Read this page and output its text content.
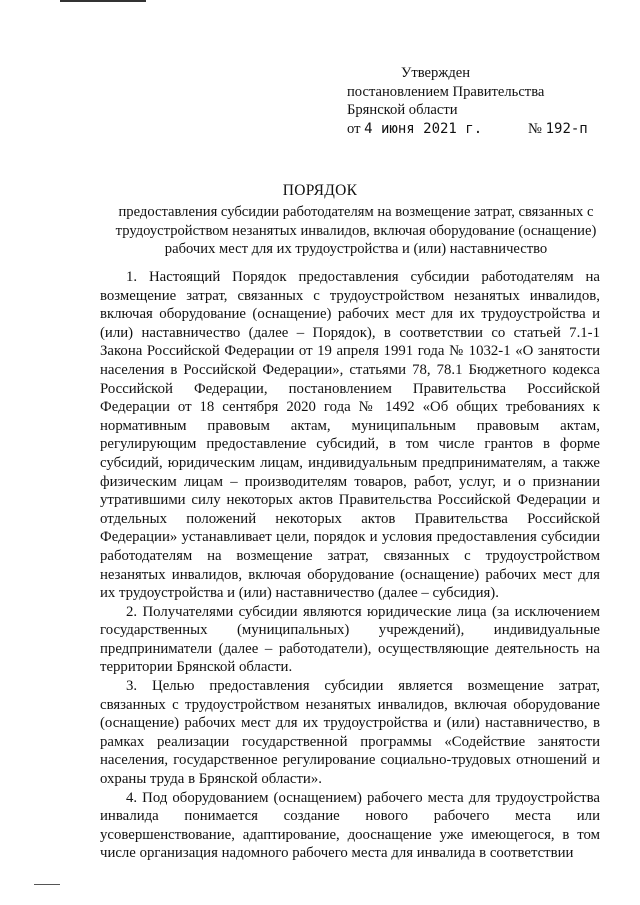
Утвержден
постановлением Правительства
Брянской области
от 4 июня 2021 г.	№ 192-п
ПОРЯДОК
предоставления субсидии работодателям на возмещение затрат, связанных с трудоустройством незанятых инвалидов, включая оборудование (оснащение) рабочих мест для их трудоустройства и (или) наставничество

1. Настоящий Порядок предоставления субсидии работодателям на возмещение затрат, связанных с трудоустройством незанятых инвалидов, включая оборудование (оснащение) рабочих мест для их трудоустройства и (или) наставничество (далее – Порядок), в соответствии со статьей 7.1-1 Закона Российской Федерации от 19 апреля 1991 года № 1032-1 «О занятости населения в Российской Федерации», статьями 78, 78.1 Бюджетного кодекса Российской Федерации, постановлением Правительства Российской Федерации от 18 сентября 2020 года № 1492 «Об общих требованиях к нормативным правовым актам, муниципальным правовым актам, регулирующим предоставление субсидий, в том числе грантов в форме субсидий, юридическим лицам, индивидуальным предпринимателям, а также физическим лицам – производителям товаров, работ, услуг, и о признании утратившими силу некоторых актов Правительства Российской Федерации и отдельных положений некоторых актов Правительства Российской Федерации» устанавливает цели, порядок и условия предоставления субсидии работодателям на возмещение затрат, связанных с трудоустройством незанятых инвалидов, включая оборудование (оснащение) рабочих мест для их трудоустройства и (или) наставничество (далее – субсидия).

2. Получателями субсидии являются юридические лица (за исключением государственных (муниципальных) учреждений), индивидуальные предприниматели (далее – работодатели), осуществляющие деятельность на территории Брянской области.

3. Целью предоставления субсидии является возмещение затрат, связанных с трудоустройством незанятых инвалидов, включая оборудование (оснащение) рабочих мест для их трудоустройства и (или) наставничество, в рамках реализации государственной программы «Содействие занятости населения, государственное регулирование социально-трудовых отношений и охраны труда в Брянской области».

4. Под оборудованием (оснащением) рабочего места для трудоустройства инвалида понимается создание нового рабочего места или усовершенствование, адаптирование, дооснащение уже имеющегося, в том числе организация надомного рабочего места для инвалида в соответствии
